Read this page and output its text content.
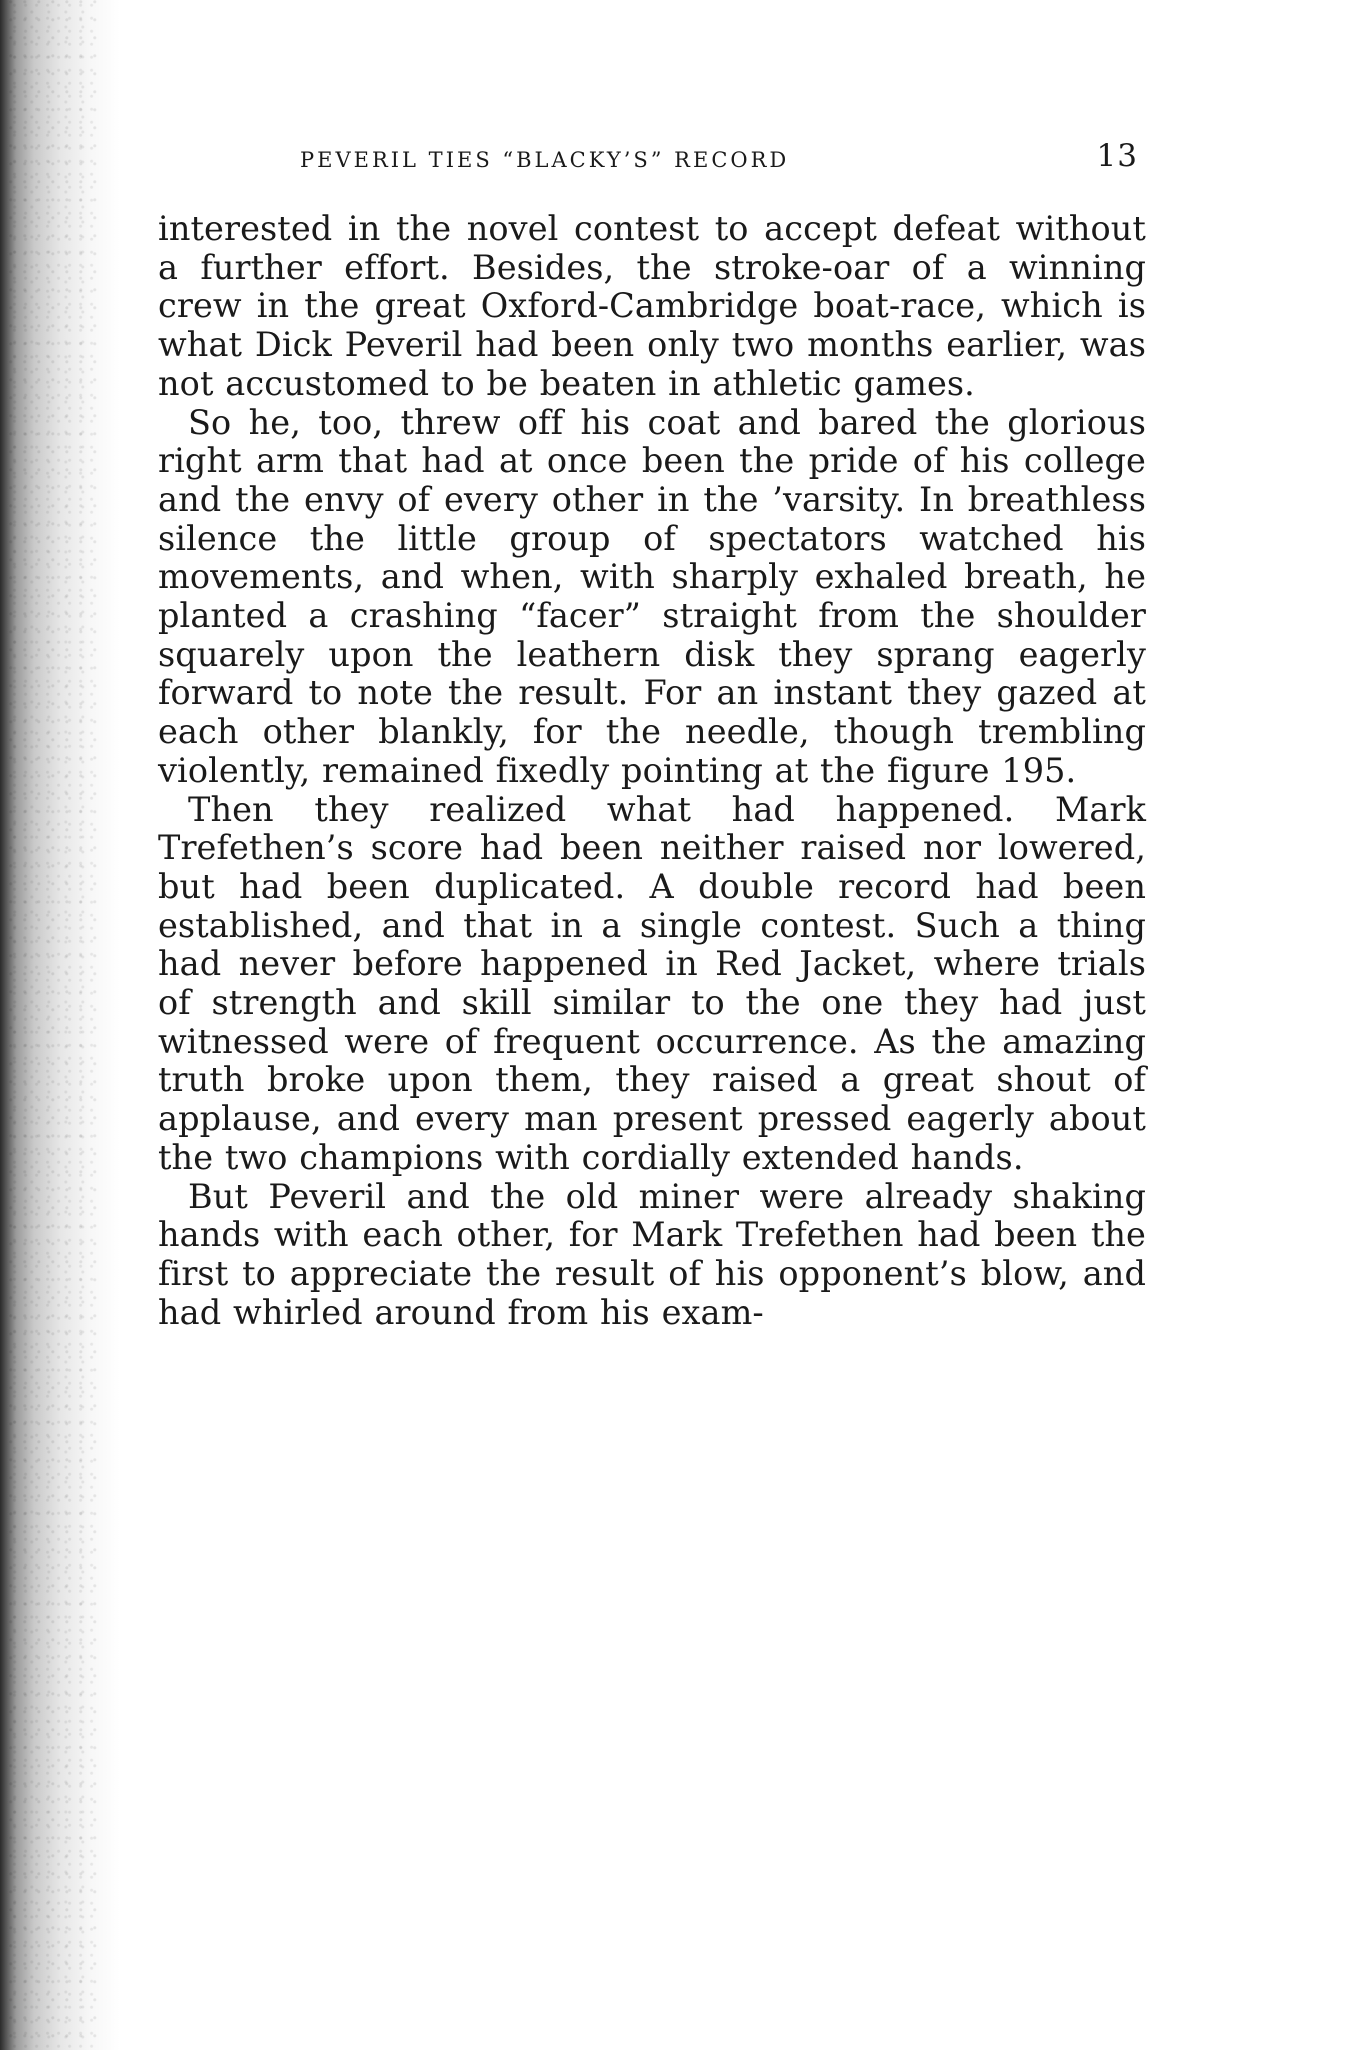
peveril ties “blacky’s” record	13

interested in the novel contest to accept defeat without a further effort. Besides, the stroke-oar of a winning crew in the great Oxford-Cambridge boat-race, which is what Dick Peveril had been only two months earlier, was not accustomed to be beaten in athletic games.

So he, too, threw off his coat and bared the glorious right arm that had at once been the pride of his college and the envy of every other in the ’varsity. In breathless silence the little group of spectators watched his movements, and when, with sharply exhaled breath, he planted a crashing “facer” straight from the shoulder squarely upon the leathern disk they sprang eagerly forward to note the result. For an instant they gazed at each other blankly, for the needle, though trembling violently, remained fixedly pointing at the figure 195.

Then they realized what had happened. Mark Trefethen’s score had been neither raised nor lowered, but had been duplicated. A double record had been established, and that in a single contest. Such a thing had never before happened in Red Jacket, where trials of strength and skill similar to the one they had just witnessed were of frequent occurrence. As the amazing truth broke upon them, they raised a great shout of applause, and every man present pressed eagerly about the two champions with cordially extended hands.

But Peveril and the old miner were already shaking hands with each other, for Mark Trefethen had been the first to appreciate the result of his opponent’s blow, and had whirled around from his exam-
